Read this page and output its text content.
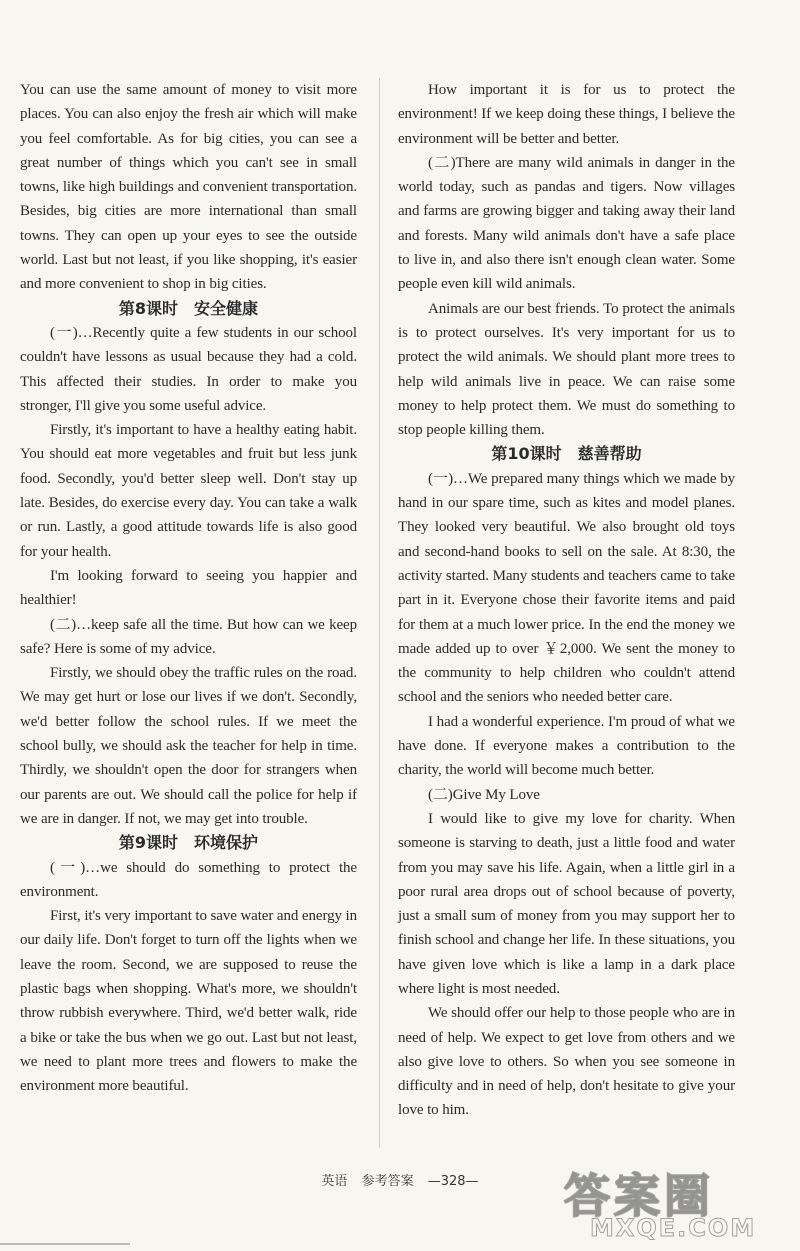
You can use the same amount of money to visit more places. You can also enjoy the fresh air which will make you feel comfortable. As for big cities, you can see a great number of things which you can't see in small towns, like high buildings and convenient transportation. Besides, big cities are more international than small towns. They can open up your eyes to see the outside world. Last but not least, if you like shopping, it's easier and more convenient to shop in big cities.

第8课时　安全健康

(一)…Recently quite a few students in our school couldn't have lessons as usual because they had a cold. This affected their studies. In order to make you stronger, I'll give you some useful advice.

Firstly, it's important to have a healthy eating habit. You should eat more vegetables and fruit but less junk food. Secondly, you'd better sleep well. Don't stay up late. Besides, do exercise every day. You can take a walk or run. Lastly, a good attitude towards life is also good for your health.

I'm looking forward to seeing you happier and healthier!

(二)…keep safe all the time. But how can we keep safe? Here is some of my advice.

Firstly, we should obey the traffic rules on the road. We may get hurt or lose our lives if we don't. Secondly, we'd better follow the school rules. If we meet the school bully, we should ask the teacher for help in time. Thirdly, we shouldn't open the door for strangers when our parents are out. We should call the police for help if we are in danger. If not, we may get into trouble.

第9课时　环境保护

(一)…we should do something to protect the environment.

First, it's very important to save water and energy in our daily life. Don't forget to turn off the lights when we leave the room. Second, we are supposed to reuse the plastic bags when shopping. What's more, we shouldn't throw rubbish everywhere. Third, we'd better walk, ride a bike or take the bus when we go out. Last but not least, we need to plant more trees and flowers to make the environment more beautiful.

How important it is for us to protect the environment! If we keep doing these things, I believe the environment will be better and better.

(二)There are many wild animals in danger in the world today, such as pandas and tigers. Now villages and farms are growing bigger and taking away their land and forests. Many wild animals don't have a safe place to live in, and also there isn't enough clean water. Some people even kill wild animals.

Animals are our best friends. To protect the animals is to protect ourselves. It's very important for us to protect the wild animals. We should plant more trees to help wild animals live in peace. We can raise some money to help protect them. We must do something to stop people killing them.

第10课时　慈善帮助

(一)…We prepared many things which we made by hand in our spare time, such as kites and model planes. They looked very beautiful. We also brought old toys and second-hand books to sell on the sale. At 8:30, the activity started. Many students and teachers came to take part in it. Everyone chose their favorite items and paid for them at a much lower price. In the end the money we made added up to over ￥2,000. We sent the money to the community to help children who couldn't attend school and the seniors who needed better care.

I had a wonderful experience. I'm proud of what we have done. If everyone makes a contribution to the charity, the world will become much better.

(二)Give My Love

I would like to give my love for charity. When someone is starving to death, just a little food and water from you may save his life. Again, when a little girl in a poor rural area drops out of school because of poverty, just a small sum of money from you may support her to finish school and change her life. In these situations, you have given love which is like a lamp in a dark place where light is most needed.

We should offer our help to those people who are in need of help. We expect to get love from others and we also give love to others. So when you see someone in difficulty and in need of help, don't hesitate to give your love to him.

英语 参考答案 —328—	答案圈
MXQE.COM
